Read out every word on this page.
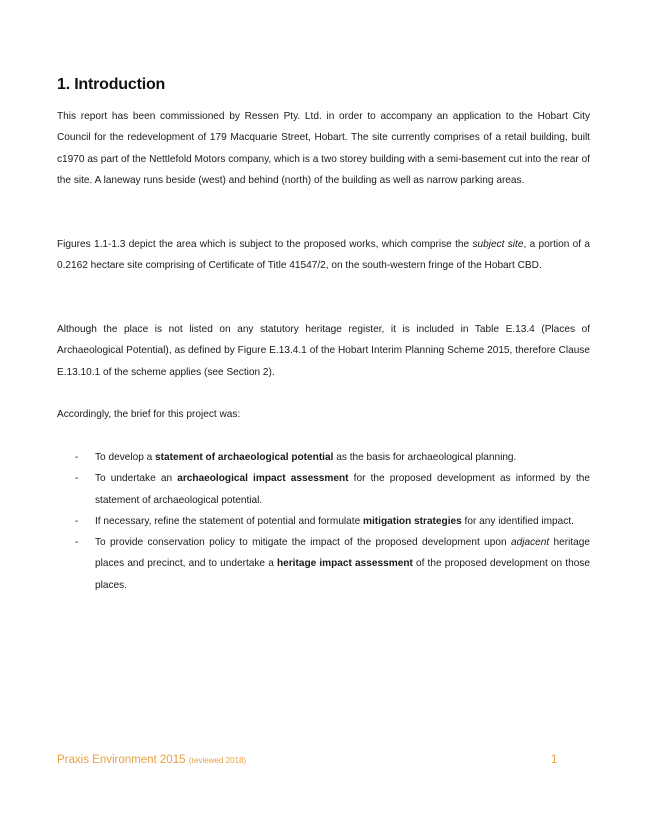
1. Introduction

This report has been commissioned by Ressen Pty. Ltd. in order to accompany an application to the Hobart City Council for the redevelopment of 179 Macquarie Street, Hobart. The site currently comprises of a retail building, built c1970 as part of the Nettlefold Motors company, which is a two storey building with a semi-basement cut into the rear of the site. A laneway runs beside (west) and behind (north) of the building as well as narrow parking areas.

Figures 1.1-1.3 depict the area which is subject to the proposed works, which comprise the subject site, a portion of a 0.2162 hectare site comprising of Certificate of Title 41547/2, on the south-western fringe of the Hobart CBD.

Although the place is not listed on any statutory heritage register, it is included in Table E.13.4 (Places of Archaeological Potential), as defined by Figure E.13.4.1 of the Hobart Interim Planning Scheme 2015, therefore Clause E.13.10.1 of the scheme applies (see Section 2).

Accordingly, the brief for this project was:

- To develop a statement of archaeological potential as the basis for archaeological planning.
- To undertake an archaeological impact assessment for the proposed development as informed by the statement of archaeological potential.
- If necessary, refine the statement of potential and formulate mitigation strategies for any identified impact.
- To provide conservation policy to mitigate the impact of the proposed development upon adjacent heritage places and precinct, and to undertake a heritage impact assessment of the proposed development on those places.
Praxis Environment 2015 (reviewed 2018)	1
